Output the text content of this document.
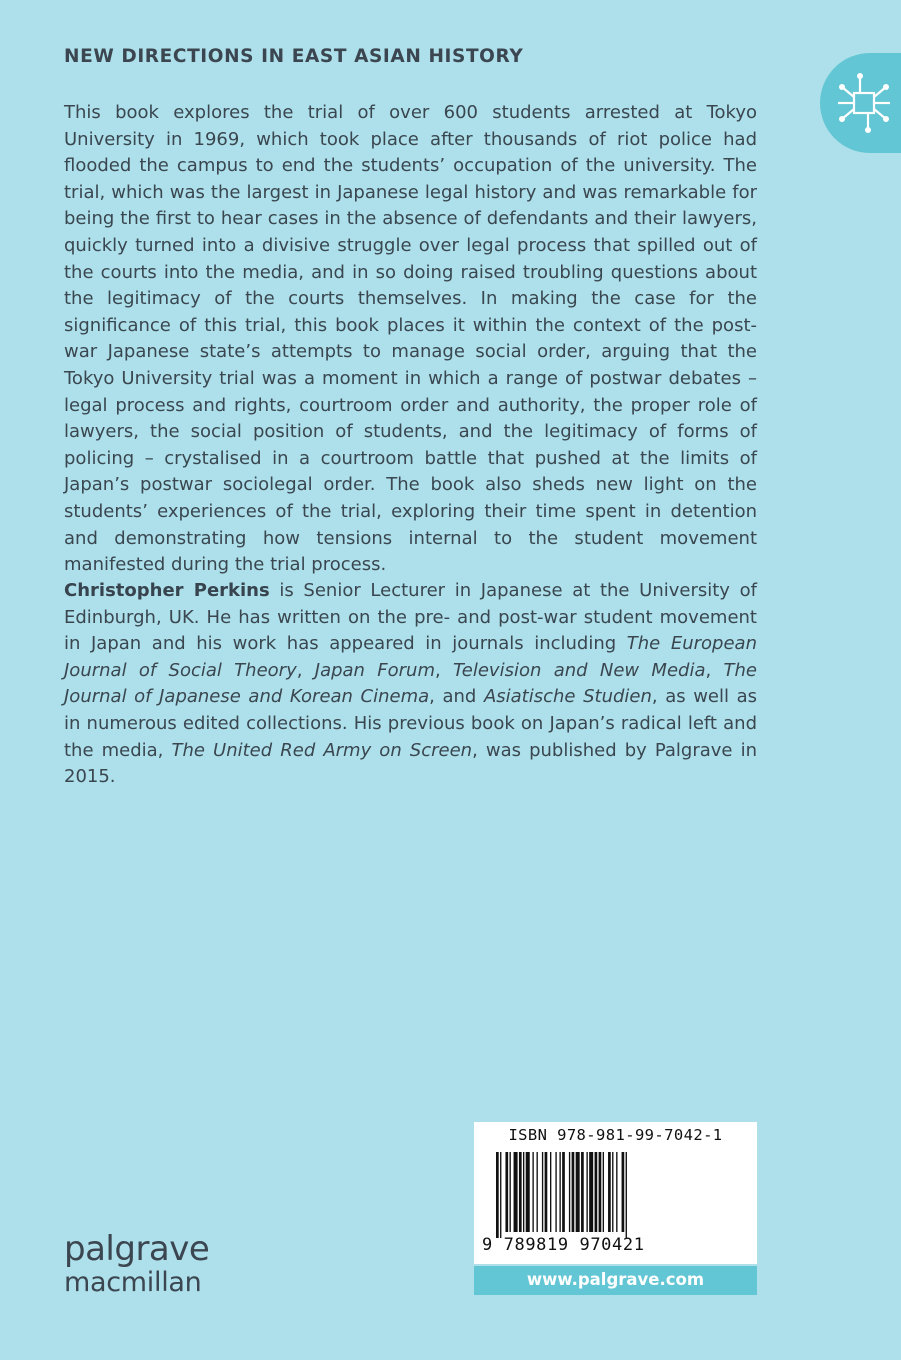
NEW DIRECTIONS IN EAST ASIAN HISTORY

This book explores the trial of over 600 students arrested at Tokyo University in 1969, which took place after thousands of riot police had flooded the campus to end the students’ occupation of the university. The trial, which was the largest in Japanese legal history and was remarkable for being the first to hear cases in the absence of defendants and their lawyers, quickly turned into a divisive struggle over legal process that spilled out of the courts into the media, and in so doing raised troubling questions about the legitimacy of the courts themselves. In making the case for the significance of this trial, this book places it within the context of the post-war Japanese state’s attempts to manage social order, arguing that the Tokyo University trial was a moment in which a range of postwar debates – legal process and rights, courtroom order and authority, the proper role of lawyers, the social position of students, and the legitimacy of forms of policing – crystalised in a courtroom battle that pushed at the limits of Japan’s postwar sociolegal order. The book also sheds new light on the students’ experiences of the trial, exploring their time spent in detention and demonstrating how tensions internal to the student movement manifested during the trial process.

Christopher Perkins is Senior Lecturer in Japanese at the University of Edinburgh, UK. He has written on the pre- and post-war student movement in Japan and his work has appeared in journals including The European Journal of Social Theory, Japan Forum, Television and New Media, The Journal of Japanese and Korean Cinema, and Asiatische Studien, as well as in numerous edited collections. His previous book on Japan’s radical left and the media, The United Red Army on Screen, was published by Palgrave in 2015.

palgrave
macmillan
ISBN 978-981-99-7042-1
9 789819 970421
www.palgrave.com
